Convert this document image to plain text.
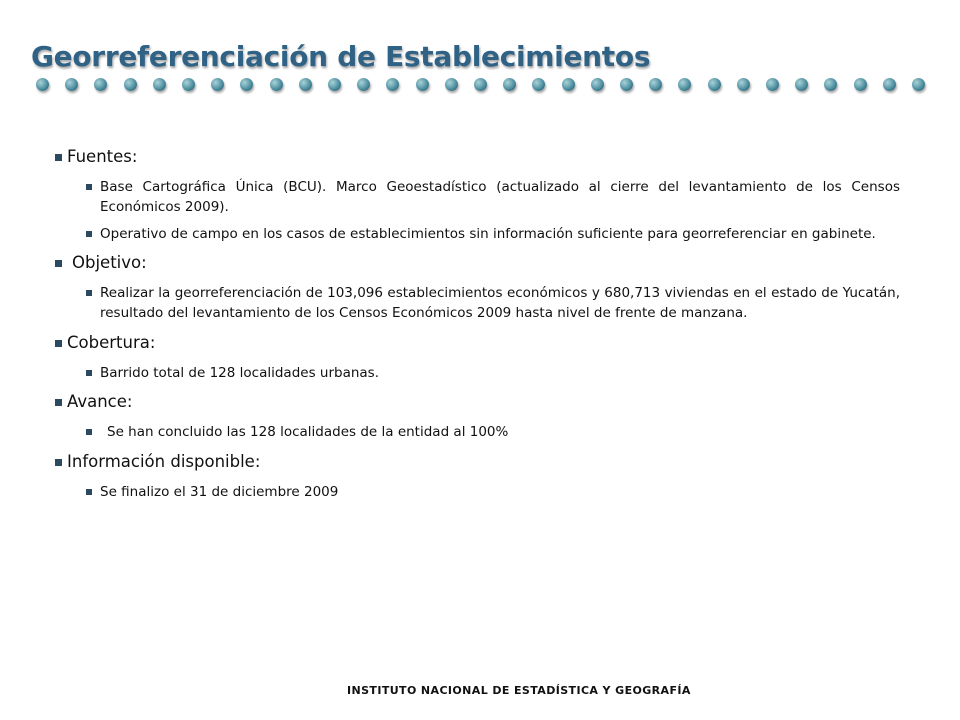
Georreferenciación de Establecimientos
Fuentes:
Base Cartográfica Única (BCU). Marco Geoestadístico (actualizado al cierre del levantamiento de los Censos Económicos 2009).
Operativo de campo en los casos de establecimientos sin información suficiente para georreferenciar en gabinete.
Objetivo:
Realizar la georreferenciación de 103,096 establecimientos económicos y 680,713 viviendas en el estado de Yucatán, resultado del levantamiento de los Censos Económicos 2009 hasta nivel de frente de manzana.
Cobertura:
Barrido total de 128 localidades urbanas.
Avance:
Se han concluido las 128 localidades de la entidad al 100%
Información disponible:
Se finalizo el 31 de diciembre 2009
INSTITUTO NACIONAL DE ESTADÍSTICA Y GEOGRAFÍA
